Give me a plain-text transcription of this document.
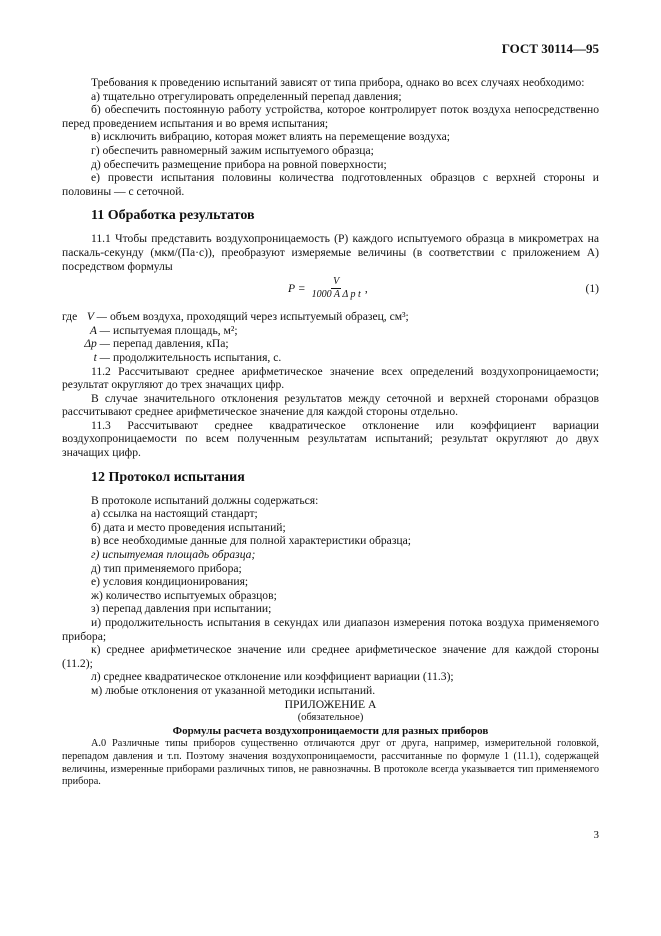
ГОСТ 30114—95

Требования к проведению испытаний зависят от типа прибора, однако во всех случаях необходимо:

а) тщательно отрегулировать определенный перепад давления;

б) обеспечить постоянную работу устройства, которое контролирует поток воздуха непосредственно перед проведением испытания и во время испытания;

в) исключить вибрацию, которая может влиять на перемещение воздуха;

г) обеспечить равномерный зажим испытуемого образца;

д) обеспечить размещение прибора на ровной поверхности;

е) провести испытания половины количества подготовленных образцов с верхней стороны и половины — с сеточной.

11 Обработка результатов

11.1 Чтобы представить воздухопроницаемость (P) каждого испытуемого образца в микрометрах на паскаль-секунду (мкм/(Па·с)), преобразуют измеряемые величины (в соответствии с приложением А) посредством формулы

$P = \frac{V}{\text{1000 A Δ p t}}$ ,	(1)
где V — объем воздуха, проходящий через испытуемый образец, см³;
A — испытуемая площадь, м²;
Δp — перепад давления, кПа;
t — продолжительность испытания, с.

11.2 Рассчитывают среднее арифметическое значение всех определений воздухопроницаемости; результат округляют до трех значащих цифр.

В случае значительного отклонения результатов между сеточной и верхней сторонами образцов рассчитывают среднее арифметическое значение для каждой стороны отдельно.

11.3 Рассчитывают среднее квадратическое отклонение или коэффициент вариации воздухопроницаемости по всем полученным результатам испытаний; результат округляют до двух значащих цифр.

12 Протокол испытания

В протоколе испытаний должны содержаться:

а) ссылка на настоящий стандарт;

б) дата и место проведения испытаний;

в) все необходимые данные для полной характеристики образца;

г) испытуемая площадь образца;

д) тип применяемого прибора;

е) условия кондиционирования;

ж) количество испытуемых образцов;

з) перепад давления при испытании;

и) продолжительность испытания в секундах или диапазон измерения потока воздуха применяемого прибора;

к) среднее арифметическое значение или среднее арифметическое значение для каждой стороны (11.2);

л) среднее квадратическое отклонение или коэффициент вариации (11.3);

м) любые отклонения от указанной методики испытаний.

ПРИЛОЖЕНИЕ А

(обязательное)

Формулы расчета воздухопроницаемости для разных приборов

А.0 Различные типы приборов существенно отличаются друг от друга, например, измерительной головкой, перепадом давления и т.п. Поэтому значения воздухопроницаемости, рассчитанные по формуле 1 (11.1), содержащей величины, измеренные приборами различных типов, не равнозначны. В протоколе всегда указывается тип применяемого прибора.

3
